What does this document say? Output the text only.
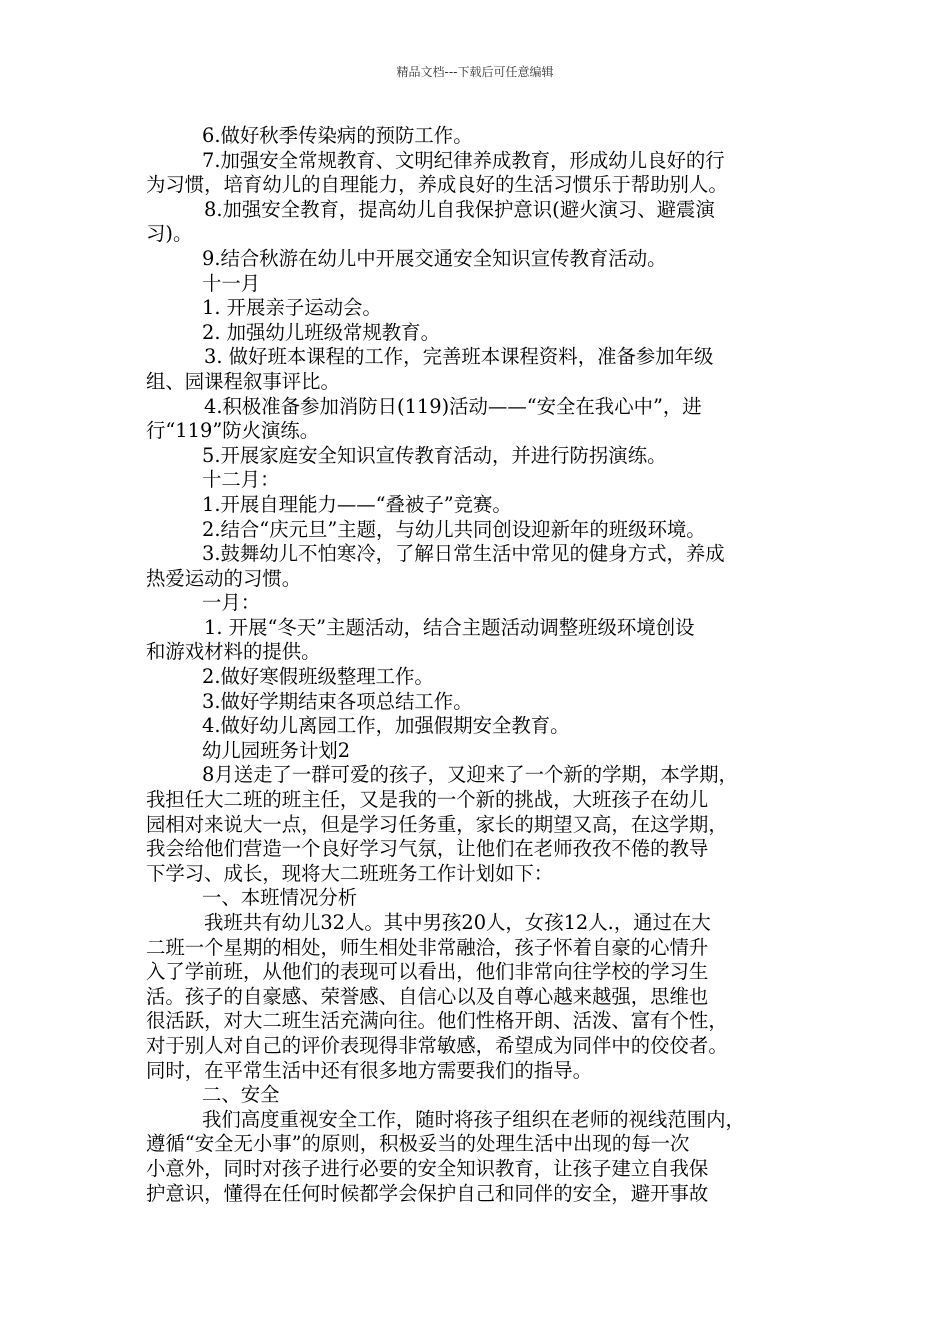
精品文档---下载后可任意编辑

6.做好秋季传染病的预防工作。

7.加强安全常规教育、文明纪律养成教育，形成幼儿良好的行

为习惯，培育幼儿的自理能力，养成良好的生活习惯乐于帮助别人。

8.加强安全教育，提高幼儿自我保护意识(避火演习、避震演

习)。

9.结合秋游在幼儿中开展交通安全知识宣传教育活动。

十一月

1. 开展亲子运动会。

2. 加强幼儿班级常规教育。

3. 做好班本课程的工作，完善班本课程资料，准备参加年级

组、园课程叙事评比。

4.积极准备参加消防日(119)活动——“安全在我心中”，进

行“119”防火演练。

5.开展家庭安全知识宣传教育活动，并进行防拐演练。

十二月：

1.开展自理能力——“叠被子”竞赛。

2.结合“庆元旦”主题，与幼儿共同创设迎新年的班级环境。

3.鼓舞幼儿不怕寒冷，了解日常生活中常见的健身方式，养成

热爱运动的习惯。

一月：

1. 开展“冬天”主题活动，结合主题活动调整班级环境创设

和游戏材料的提供。

2.做好寒假班级整理工作。

3.做好学期结束各项总结工作。

4.做好幼儿离园工作，加强假期安全教育。

幼儿园班务计划2

8月送走了一群可爱的孩子，又迎来了一个新的学期，本学期，

我担任大二班的班主任，又是我的一个新的挑战，大班孩子在幼儿

园相对来说大一点，但是学习任务重，家长的期望又高，在这学期，

我会给他们营造一个良好学习气氛，让他们在老师孜孜不倦的教导

下学习、成长，现将大二班班务工作计划如下：

一、本班情况分析

我班共有幼儿32人。其中男孩20人，女孩12人.，通过在大

二班一个星期的相处，师生相处非常融洽，孩子怀着自豪的心情升

入了学前班，从他们的表现可以看出，他们非常向往学校的学习生

活。孩子的自豪感、荣誉感、自信心以及自尊心越来越强，思维也

很活跃，对大二班生活充满向往。他们性格开朗、活泼、富有个性，

对于别人对自己的评价表现得非常敏感，希望成为同伴中的佼佼者。

同时，在平常生活中还有很多地方需要我们的指导。

二、安全

我们高度重视安全工作，随时将孩子组织在老师的视线范围内，

遵循“安全无小事”的原则，积极妥当的处理生活中出现的每一次

小意外，同时对孩子进行必要的安全知识教育，让孩子建立自我保

护意识，懂得在任何时候都学会保护自己和同伴的安全，避开事故
